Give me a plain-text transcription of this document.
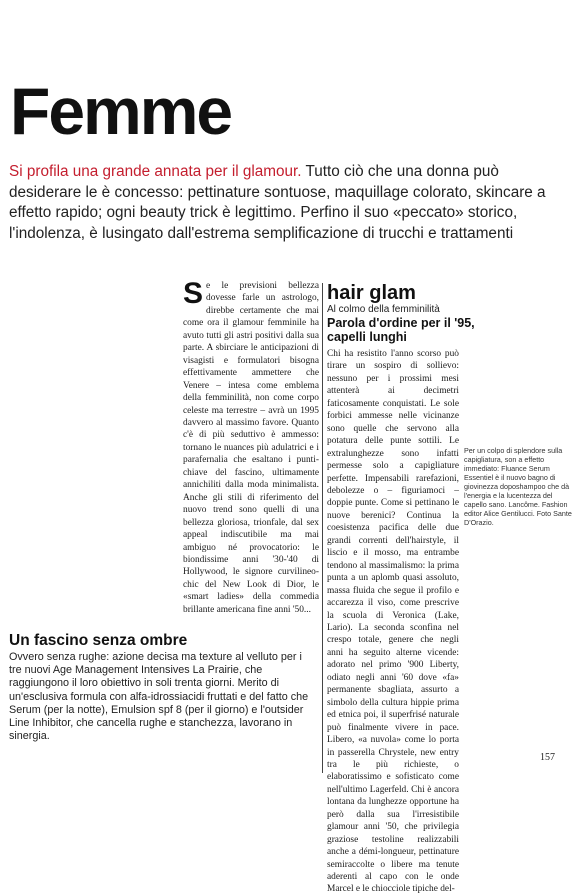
Femme

Si profila una grande annata per il glamour. Tutto ciò che una donna può desiderare le è concesso: pettinature sontuose, maquillage colorato, skincare a effetto rapido; ogni beauty trick è legittimo. Perfino il suo «peccato» storico, l'indolenza, è lusingato dall'estrema semplificazione di trucchi e trattamenti

Se le previsioni bellezza dovesse farle un astrologo, direbbe certamente che mai come ora il glamour femminile ha avuto tutti gli astri positivi dalla sua parte. A sbirciare le anticipazioni di visagisti e formulatori bisogna effettivamente ammettere che Venere – intesa come emblema della femminilità, non come corpo celeste ma terrestre – avrà un 1995 davvero al massimo favore. Quanto c'è di più seduttivo è ammesso: tornano le nuances più adulatrici e i parafernalia che esaltano i punti-chiave del fascino, ultimamente annichiliti dalla moda minimalista. Anche gli stili di riferimento del nuovo trend sono quelli di una bellezza gloriosa, trionfale, dal sex appeal indiscutibile ma mai ambiguo né provocatorio: le biondissime anni '30-'40 di Hollywood, le signore curvilineo-chic del New Look di Dior, le «smart ladies» della commedia brillante americana fine anni '50...

hair glam
Al colmo della femminilità
Parola d'ordine per il '95, capelli lunghi

Chi ha resistito l'anno scorso può tirare un sospiro di sollievo: nessuno per i prossimi mesi attenterà ai decimetri faticosamente conquistati. Le sole forbici ammesse nelle vicinanze sono quelle che servono alla potatura delle punte sottili. Le extralunghezze sono infatti permesse solo a capigliature perfette. Impensabili rarefazioni, debolezze o – figuriamoci – doppie punte. Come si pettinano le nuove berenici? Continua la coesistenza pacifica delle due grandi correnti dell'hairstyle, il liscio e il mosso, ma entrambe tendono al massimalismo: la prima punta a un aplomb quasi assoluto, massa fluida che segue il profilo e accarezza il viso, come prescrive la scuola di Veronica (Lake, Lario). La seconda sconfina nel crespo totale, genere che negli anni ha seguito alterne vicende: adorato nel primo '900 Liberty, odiato negli anni '60 dove «fa» permanente sbagliata, assurto a simbolo della cultura hippie prima ed etnica poi, il superfrisé naturale può finalmente vivere in pace. Libero, «a nuvola» come lo porta in passerella Chrystele, new entry tra le più richieste, o elaboratissimo e sofisticato come nell'ultimo Lagerfeld. Chi è ancora lontana da lunghezze opportune ha però dalla sua l'irresistibile glamour anni '50, che privilegia graziose testoline realizzabili anche a démi-longueur, pettinature semiraccolte o libere ma tenute aderenti al capo con le onde Marcel e le chiocciole tipiche del-

Per un colpo di splendore sulla capigliatura, son a effetto immediato: Fluance Serum Essentiel è il nuovo bagno di giovinezza doposhampoo che dà l'energia e la lucentezza del capello sano. Lancôme. Fashion editor Alice Gentilucci. Foto Sante D'Orazio.

Un fascino senza ombre

Ovvero senza rughe: azione decisa ma texture al velluto per i tre nuovi Age Management Intensives La Prairie, che raggiungono il loro obiettivo in soli trenta giorni. Merito di un'esclusiva formula con alfa-idrossiacidi fruttati e del fatto che Serum (per la notte), Emulsion spf 8 (per il giorno) e l'outsider Line Inhibitor, che cancella rughe e stanchezza, lavorano in sinergia.

157
